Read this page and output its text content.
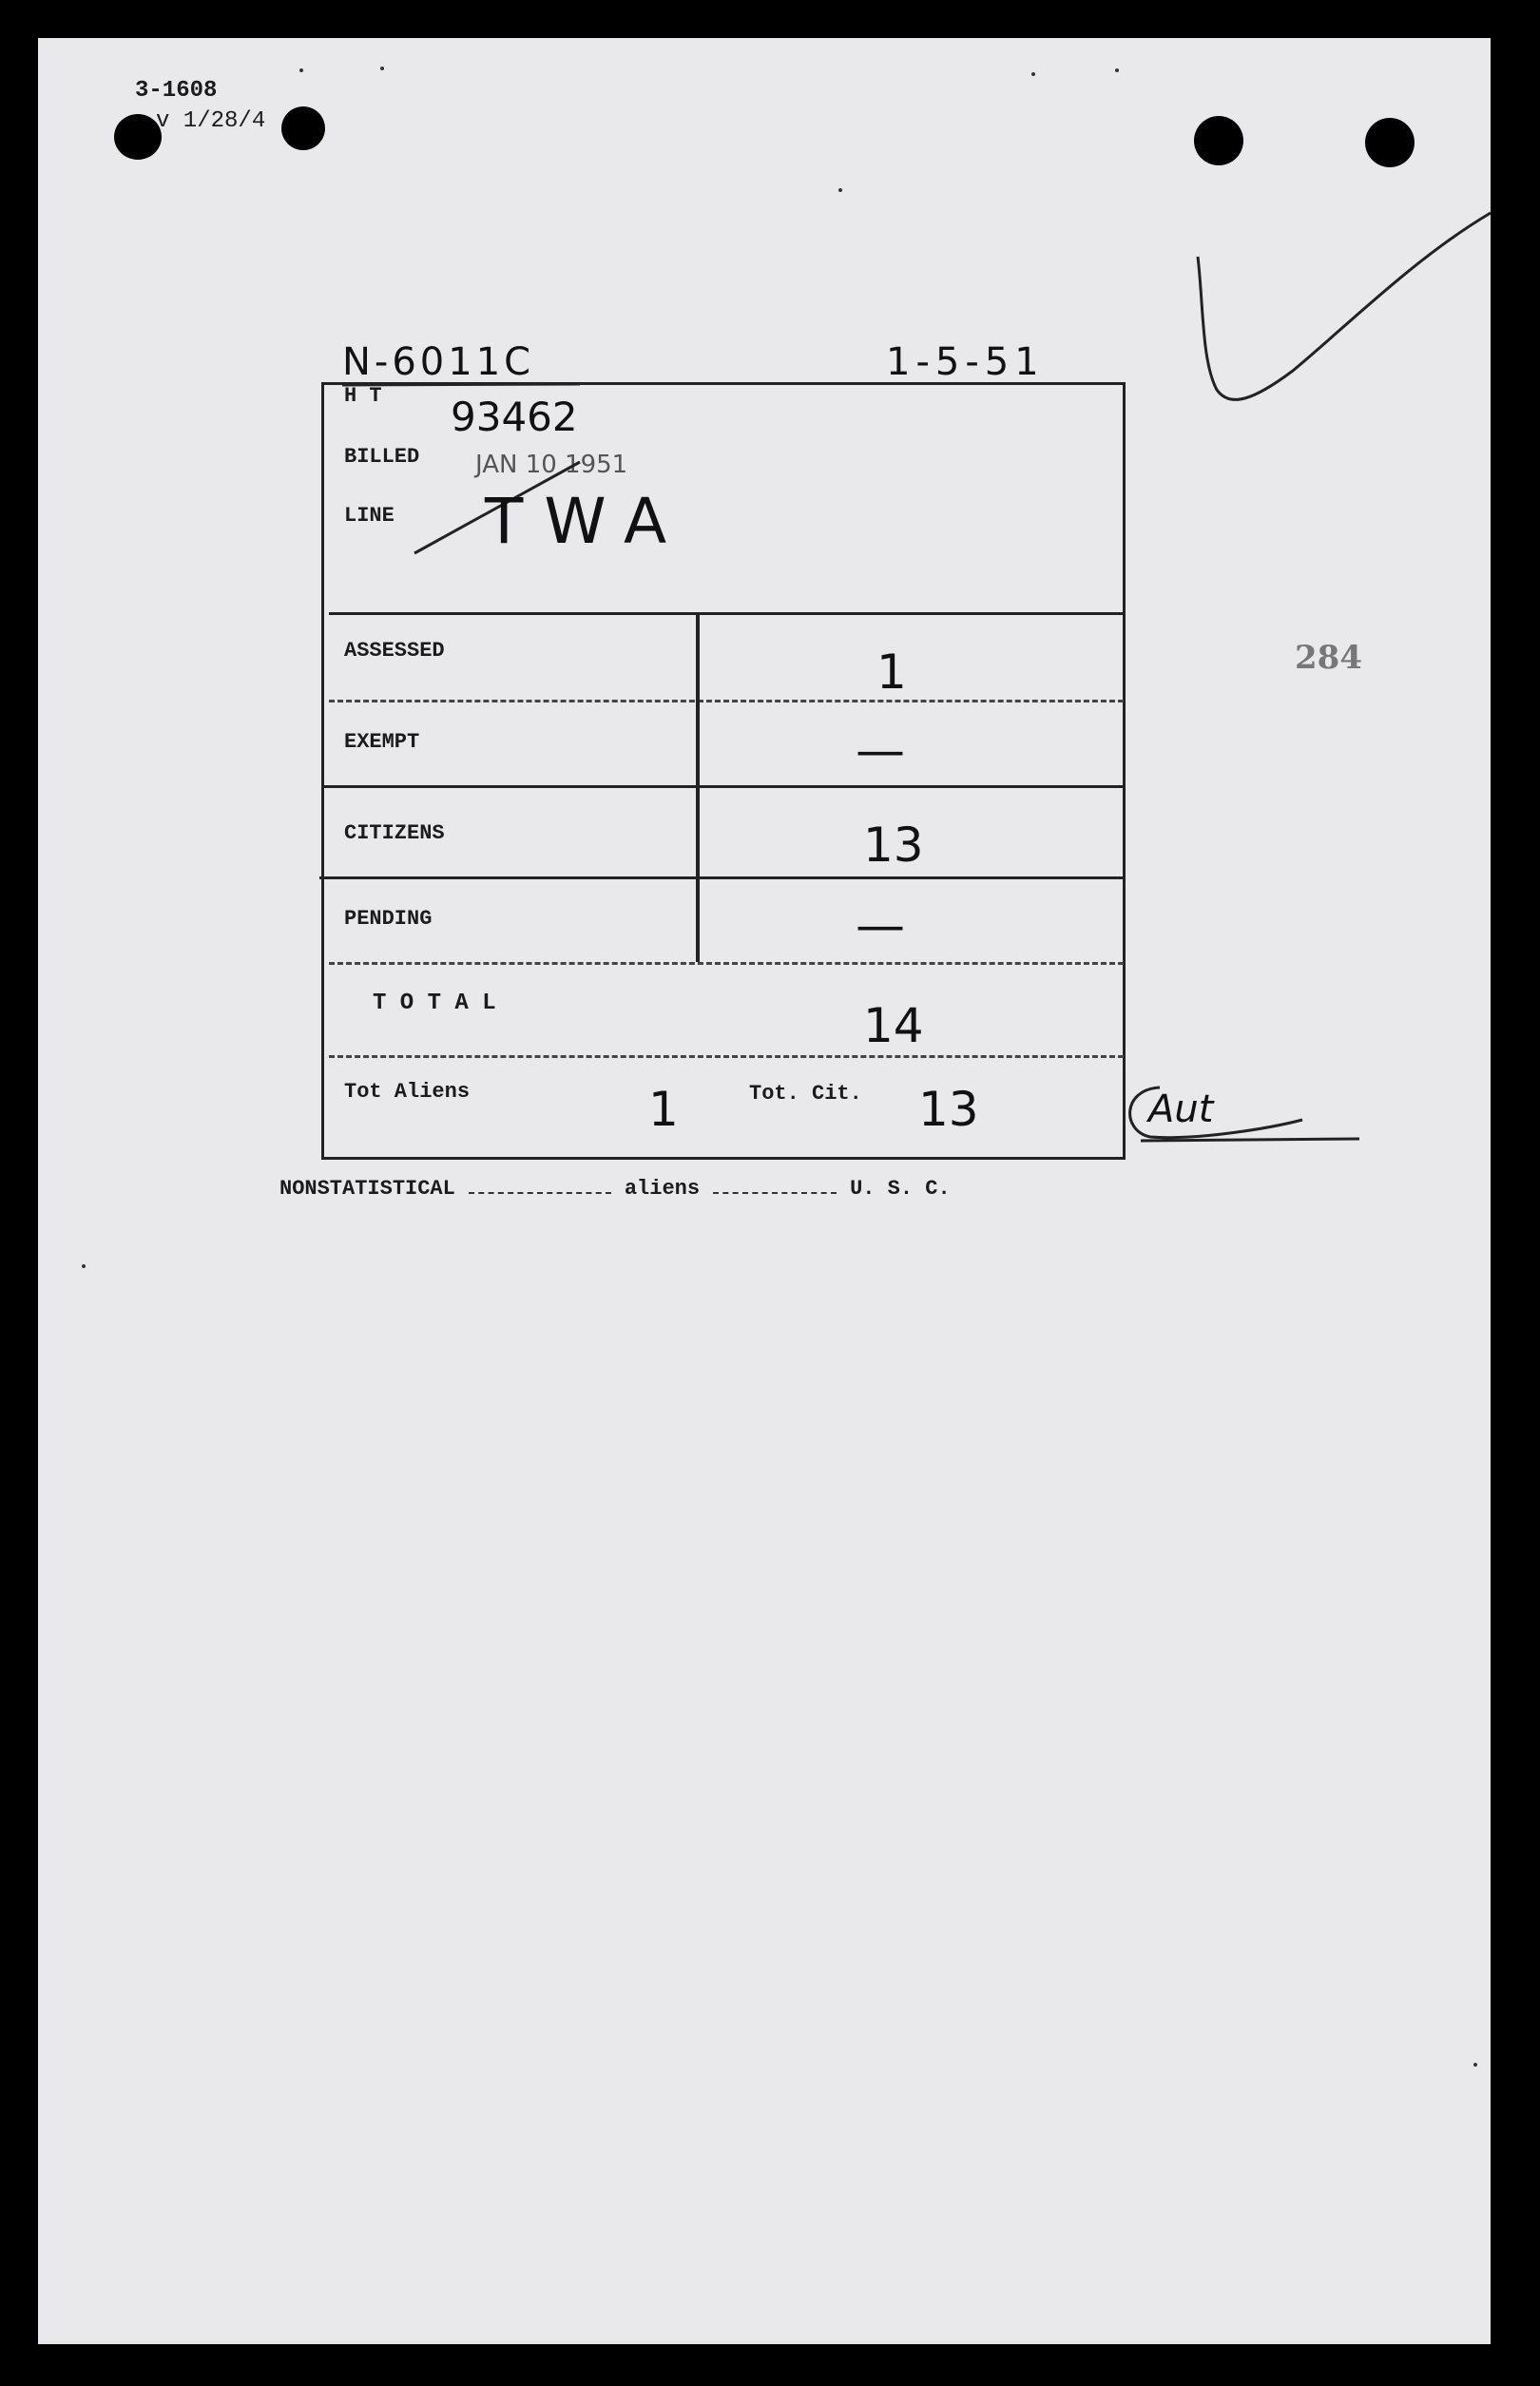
3-1608
v 1/28/4
N-6011C	1-5-51
H T 93462
BILLED JAN 10 1951
LINE TWA
ASSESSED	1
EXEMPT	—
CITIZENS	13
PENDING	—
T O T A L	14
Tot Aliens	1	Tot. Cit. 13	Aut
NONSTATISTICAL	aliens	U. S. C.
284
